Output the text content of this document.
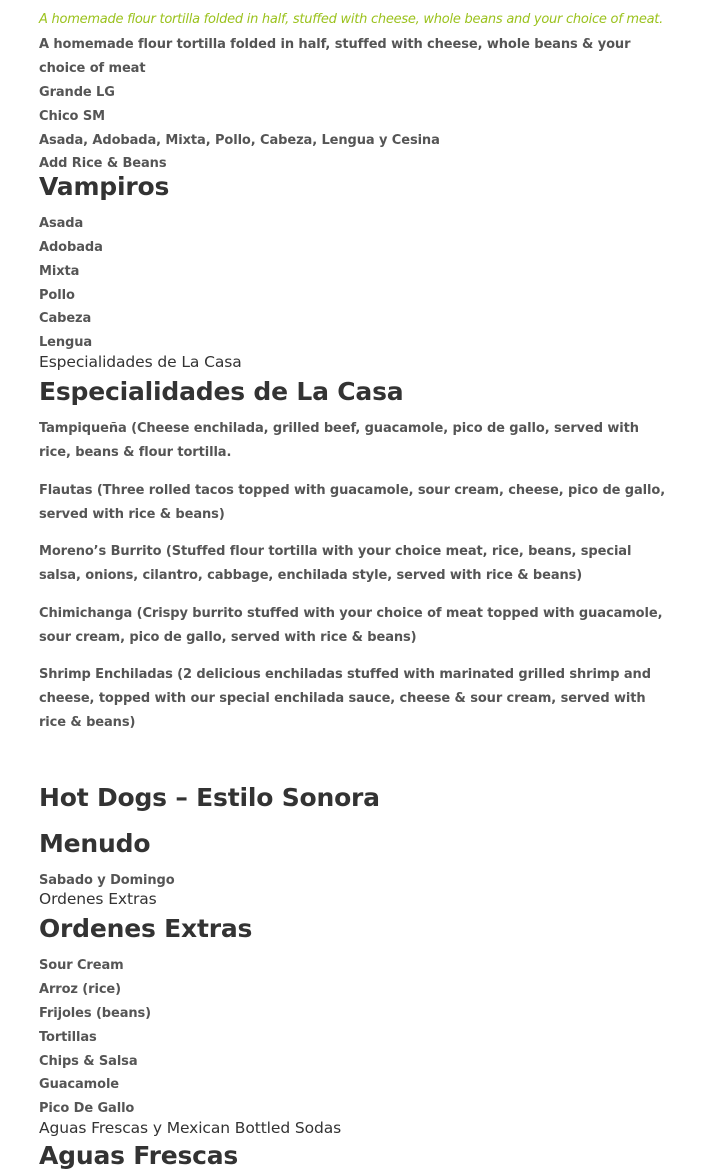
A homemade flour tortilla folded in half, stuffed with cheese, whole beans and your choice of meat.
A homemade flour tortilla folded in half, stuffed with cheese, whole beans & your choice of meat
Grande LG
Chico SM
Asada, Adobada, Mixta, Pollo, Cabeza, Lengua y Cesina
Add Rice & Beans
Vampiros
Asada
Adobada
Mixta
Pollo
Cabeza
Lengua
Especialidades de La Casa
Especialidades de La Casa
Tampiqueña (Cheese enchilada, grilled beef, guacamole, pico de gallo, served with rice, beans & flour tortilla.
Flautas (Three rolled tacos topped with guacamole, sour cream, cheese, pico de gallo, served with rice & beans)
Moreno’s Burrito (Stuffed flour tortilla with your choice meat, rice, beans, special salsa, onions, cilantro, cabbage, enchilada style, served with rice & beans)
Chimichanga (Crispy burrito stuffed with your choice of meat topped with guacamole, sour cream, pico de gallo, served with rice & beans)
Shrimp Enchiladas (2 delicious enchiladas stuffed with marinated grilled shrimp and cheese, topped with our special enchilada sauce, cheese & sour cream, served with rice & beans)
Hot Dogs – Estilo Sonora
Menudo
Sabado y Domingo
Ordenes Extras
Ordenes Extras
Sour Cream
Arroz (rice)
Frijoles (beans)
Tortillas
Chips & Salsa
Guacamole
Pico De Gallo
Aguas Frescas y Mexican Bottled Sodas
Aguas Frescas
